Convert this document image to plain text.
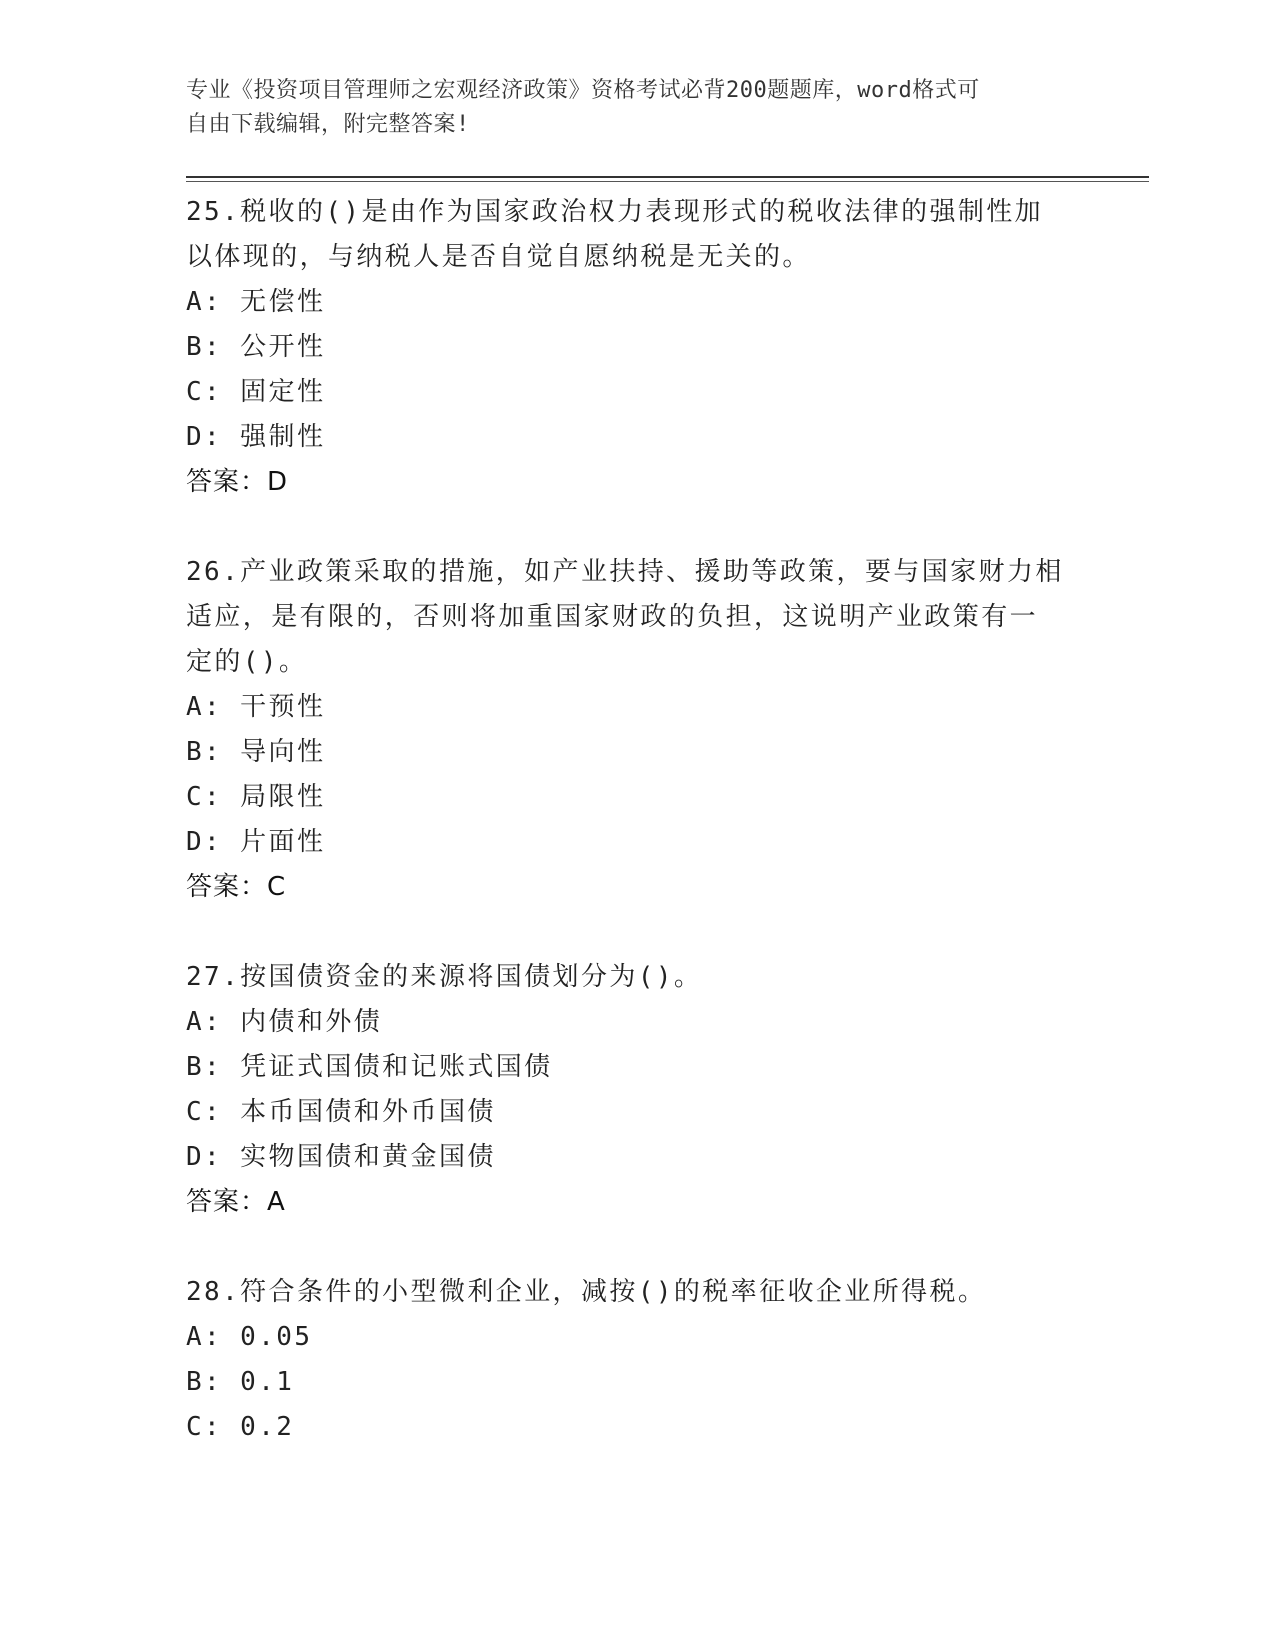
专业《投资项目管理师之宏观经济政策》资格考试必背200题题库，word格式可
自由下载编辑，附完整答案!

25.税收的()是由作为国家政治权力表现形式的税收法律的强制性加以体现的，与纳税人是否自觉自愿纳税是无关的。

A: 无偿性

B: 公开性

C: 固定性

D: 强制性

答案：D

26.产业政策采取的措施，如产业扶持、援助等政策，要与国家财力相适应，是有限的，否则将加重国家财政的负担，这说明产业政策有一定的()。

A: 干预性

B: 导向性

C: 局限性

D: 片面性

答案：C

27.按国债资金的来源将国债划分为()。

A: 内债和外债

B: 凭证式国债和记账式国债

C: 本币国债和外币国债

D: 实物国债和黄金国债

答案：A

28.符合条件的小型微利企业，减按()的税率征收企业所得税。

A: 0.05

B: 0.1

C: 0.2
